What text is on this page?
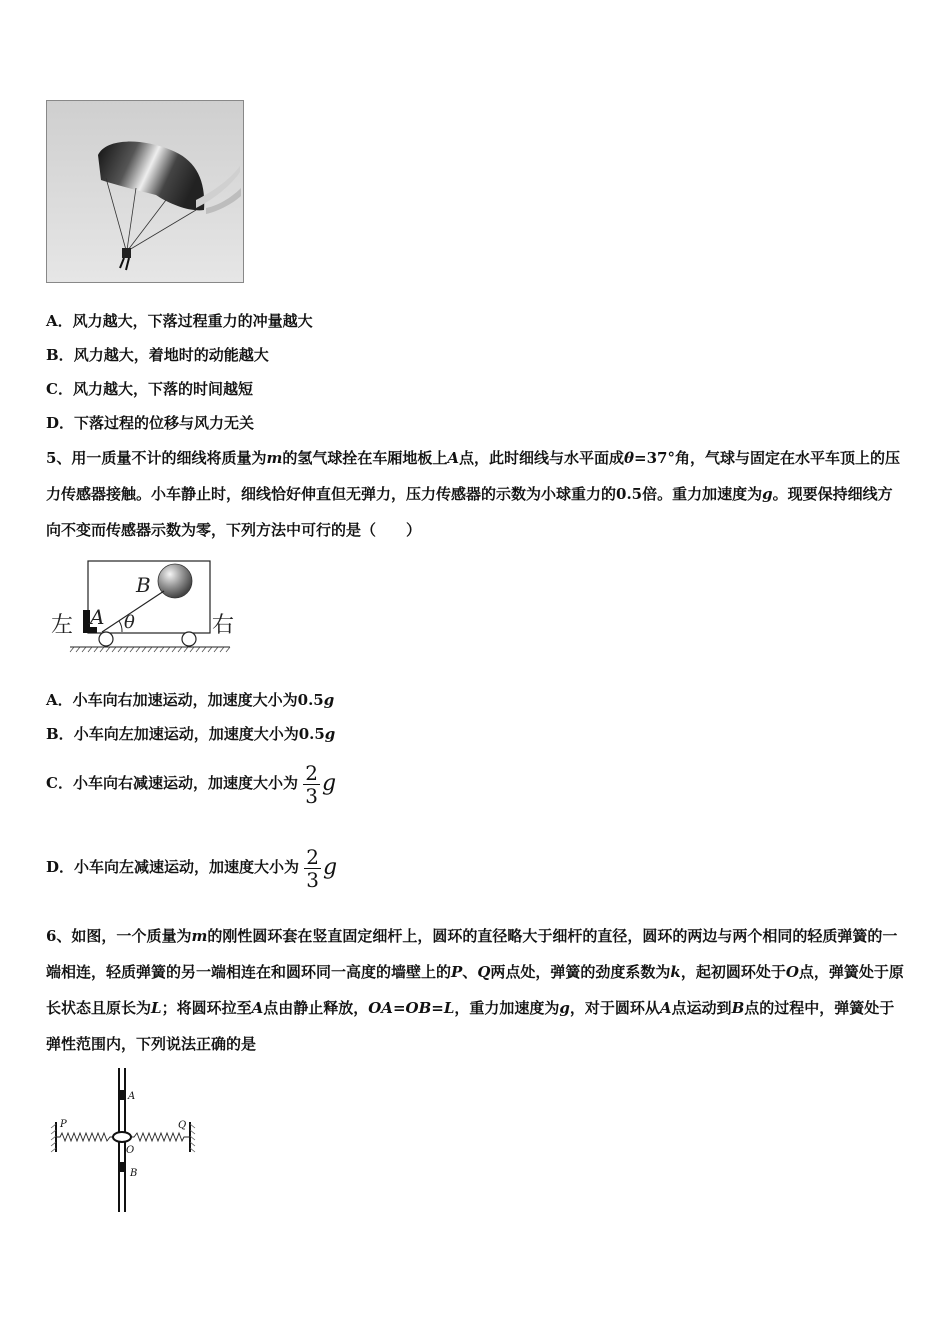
A．风力越大，下落过程重力的冲量越大
B．风力越大，着地时的动能越大
C．风力越大，下落的时间越短
D．下落过程的位移与风力无关
5、用一质量不计的细线将质量为m的氢气球拴在车厢地板上A点，此时细线与水平面成θ=37°角，气球与固定在水平车顶上的压力传感器接触。小车静止时，细线恰好伸直但无弹力，压力传感器的示数为小球重力的0.5倍。重力加速度为g。现要保持细线方向不变而传感器示数为零，下列方法中可行的是（　　）
左	右
A
B
θ
A．小车向右加速运动，加速度大小为0.5g
B．小车向左加速运动，加速度大小为0.5g
C．小车向右减速运动，加速度大小为 $\frac{2}{3}$ g
D．小车向左减速运动，加速度大小为 $\frac{2}{3}$ g
6、如图，一个质量为m的刚性圆环套在竖直固定细杆上，圆环的直径略大于细杆的直径，圆环的两边与两个相同的轻质弹簧的一端相连，轻质弹簧的另一端相连在和圆环同一高度的墙壁上的P、Q两点处，弹簧的劲度系数为k，起初圆环处于O点，弹簧处于原长状态且原长为L；将圆环拉至A点由静止释放，OA=OB=L，重力加速度为g，对于圆环从A点运动到B点的过程中，弹簧处于弹性范围内，下列说法正确的是
A
P	Q
O
B
